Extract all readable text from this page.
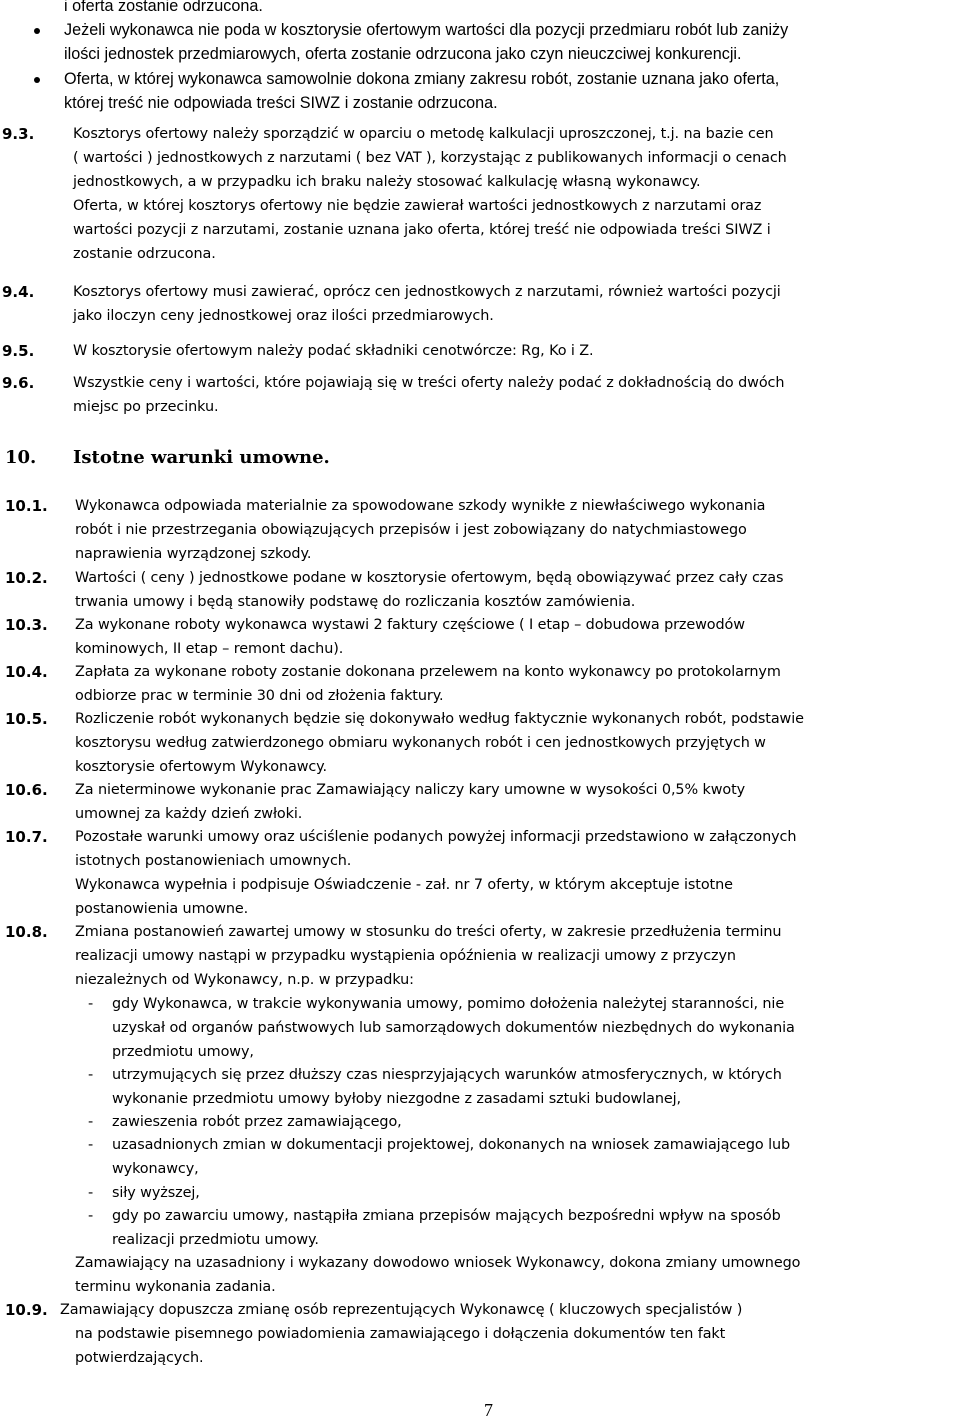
i oferta zostanie odrzucona.
Jeżeli wykonawca nie poda w kosztorysie ofertowym wartości dla pozycji przedmiaru robót lub zaniży
ilości jednostek przedmiarowych, oferta zostanie odrzucona jako czyn nieuczciwej konkurencji.
Oferta, w której wykonawca samowolnie dokona zmiany zakresu robót, zostanie uznana jako oferta,
której treść nie odpowiada treści SIWZ i zostanie odrzucona.
9.3.	Kosztorys ofertowy należy sporządzić w oparciu o metodę kalkulacji uproszczonej, t.j. na bazie cen
( wartości ) jednostkowych z narzutami ( bez VAT ), korzystając z publikowanych informacji o cenach
jednostkowych, a w przypadku ich braku należy stosować kalkulację własną wykonawcy.
Oferta, w której kosztorys ofertowy nie będzie zawierał wartości jednostkowych z narzutami oraz
wartości pozycji z narzutami, zostanie uznana jako oferta, której treść nie odpowiada treści SIWZ i
zostanie odrzucona.
9.4.	Kosztorys ofertowy musi zawierać, oprócz cen jednostkowych z narzutami, również wartości pozycji
jako iloczyn ceny jednostkowej oraz ilości przedmiarowych.
9.5.	W kosztorysie ofertowym należy podać składniki cenotwórcze: Rg, Ko i Z.
9.6.	Wszystkie ceny i wartości, które pojawiają się w treści oferty należy podać z dokładnością do dwóch
miejsc po przecinku.
10. Istotne warunki umowne.
10.1. Wykonawca odpowiada materialnie za spowodowane szkody wynikłe z niewłaściwego wykonania
robót i nie przestrzegania obowiązujących przepisów i jest zobowiązany do natychmiastowego
naprawienia wyrządzonej szkody.
10.2. Wartości ( ceny ) jednostkowe podane w kosztorysie ofertowym, będą obowiązywać przez cały czas
trwania umowy i będą stanowiły podstawę do rozliczania kosztów zamówienia.
10.3. Za wykonane roboty wykonawca wystawi 2 faktury częściowe ( I etap – dobudowa przewodów
kominowych, II etap – remont dachu).
10.4. Zapłata za wykonane roboty zostanie dokonana przelewem na konto wykonawcy po protokolarnym
odbiorze prac w terminie 30 dni od złożenia faktury.
10.5. Rozliczenie robót wykonanych będzie się dokonywało według faktycznie wykonanych robót, podstawie
kosztorysu według zatwierdzonego obmiaru wykonanych robót i cen jednostkowych przyjętych w
kosztorysie ofertowym Wykonawcy.
10.6. Za nieterminowe wykonanie prac Zamawiający naliczy kary umowne w wysokości 0,5% kwoty
umownej za każdy dzień zwłoki.
10.7. Pozostałe warunki umowy oraz uściślenie podanych powyżej informacji przedstawiono w załączonych
istotnych postanowieniach umownych.
Wykonawca wypełnia i podpisuje Oświadczenie - zał. nr 7 oferty, w którym akceptuje istotne
postanowienia umowne.
10.8. Zmiana postanowień zawartej umowy w stosunku do treści oferty, w zakresie przedłużenia terminu
realizacji umowy nastąpi w przypadku wystąpienia opóźnienia w realizacji umowy z przyczyn
niezależnych od Wykonawcy, n.p. w przypadku:
- gdy Wykonawca, w trakcie wykonywania umowy, pomimo dołożenia należytej staranności, nie
uzyskał od organów państwowych lub samorządowych dokumentów niezbędnych do wykonania
przedmiotu umowy,
- utrzymujących się przez dłuższy czas niesprzyjających warunków atmosferycznych, w których
wykonanie przedmiotu umowy byłoby niezgodne z zasadami sztuki budowlanej,
- zawieszenia robót przez zamawiającego,
- uzasadnionych zmian w dokumentacji projektowej, dokonanych na wniosek zamawiającego lub
wykonawcy,
- siły wyższej,
- gdy po zawarciu umowy, nastąpiła zmiana przepisów mających bezpośredni wpływ na sposób
realizacji przedmiotu umowy.
Zamawiający na uzasadniony i wykazany dowodowo wniosek Wykonawcy, dokona zmiany umownego
terminu wykonania zadania.
10.9. Zamawiający dopuszcza zmianę osób reprezentujących Wykonawcę ( kluczowych specjalistów )
na podstawie pisemnego powiadomienia zamawiającego i dołączenia dokumentów ten fakt
potwierdzających.
7
